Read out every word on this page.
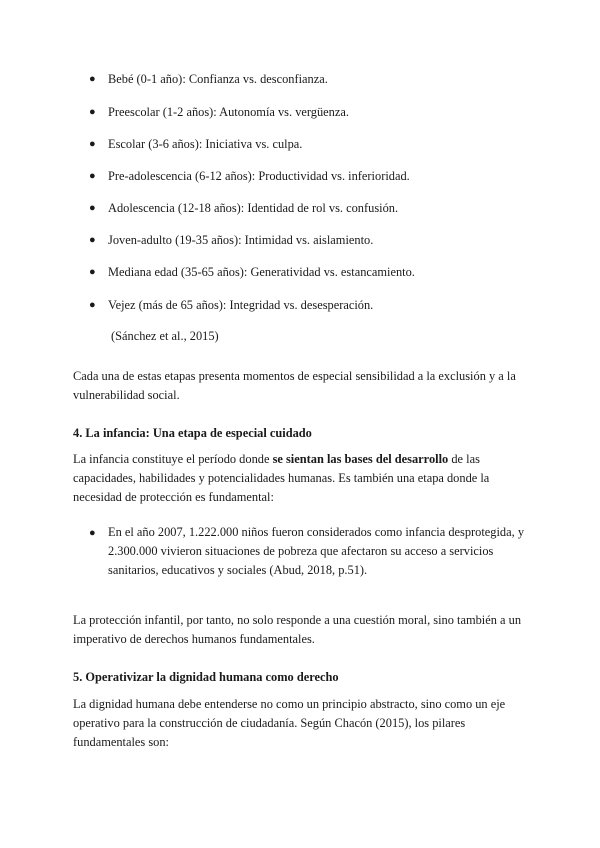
● Bebé (0-1 año): Confianza vs. desconfianza.
● Preescolar (1-2 años): Autonomía vs. vergüenza.
● Escolar (3-6 años): Iniciativa vs. culpa.
● Pre-adolescencia (6-12 años): Productividad vs. inferioridad.
● Adolescencia (12-18 años): Identidad de rol vs. confusión.
● Joven-adulto (19-35 años): Intimidad vs. aislamiento.
● Mediana edad (35-65 años): Generatividad vs. estancamiento.
● Vejez (más de 65 años): Integridad vs. desesperación.
(Sánchez et al., 2015)
Cada una de estas etapas presenta momentos de especial sensibilidad a la exclusión y a la vulnerabilidad social.
4. La infancia: Una etapa de especial cuidado
La infancia constituye el período donde se sientan las bases del desarrollo de las capacidades, habilidades y potencialidades humanas. Es también una etapa donde la necesidad de protección es fundamental:
● En el año 2007, 1.222.000 niños fueron considerados como infancia desprotegida, y 2.300.000 vivieron situaciones de pobreza que afectaron su acceso a servicios sanitarios, educativos y sociales (Abud, 2018, p.51).
La protección infantil, por tanto, no solo responde a una cuestión moral, sino también a un imperativo de derechos humanos fundamentales.
5. Operativizar la dignidad humana como derecho
La dignidad humana debe entenderse no como un principio abstracto, sino como un eje operativo para la construcción de ciudadanía. Según Chacón (2015), los pilares fundamentales son:
